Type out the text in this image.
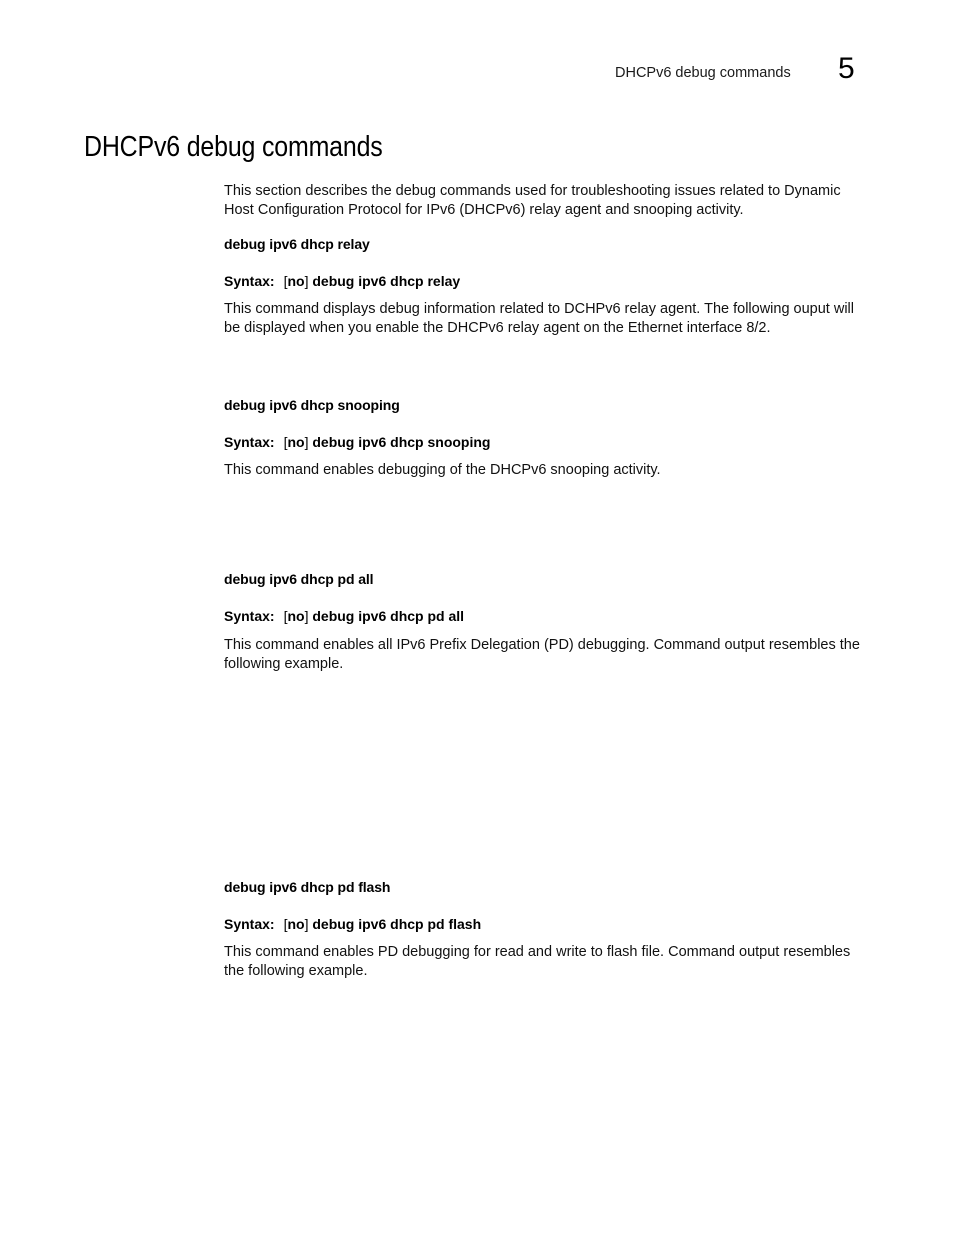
DHCPv6 debug commands 5
DHCPv6 debug commands

This section describes the debug commands used for troubleshooting issues related to Dynamic Host Configuration Protocol for IPv6 (DHCPv6) relay agent and snooping activity.

debug ipv6 dhcp relay

Syntax: [no] debug ipv6 dhcp relay

This command displays debug information related to DCHPv6 relay agent. The following ouput will be displayed when you enable the DHCPv6 relay agent on the Ethernet interface 8/2.

debug ipv6 dhcp snooping

Syntax: [no] debug ipv6 dhcp snooping

This command enables debugging of the DHCPv6 snooping activity.

debug ipv6 dhcp pd all

Syntax: [no] debug ipv6 dhcp pd all

This command enables all IPv6 Prefix Delegation (PD) debugging. Command output resembles the following example.

debug ipv6 dhcp pd flash

Syntax: [no] debug ipv6 dhcp pd flash

This command enables PD debugging for read and write to flash file. Command output resembles the following example.
